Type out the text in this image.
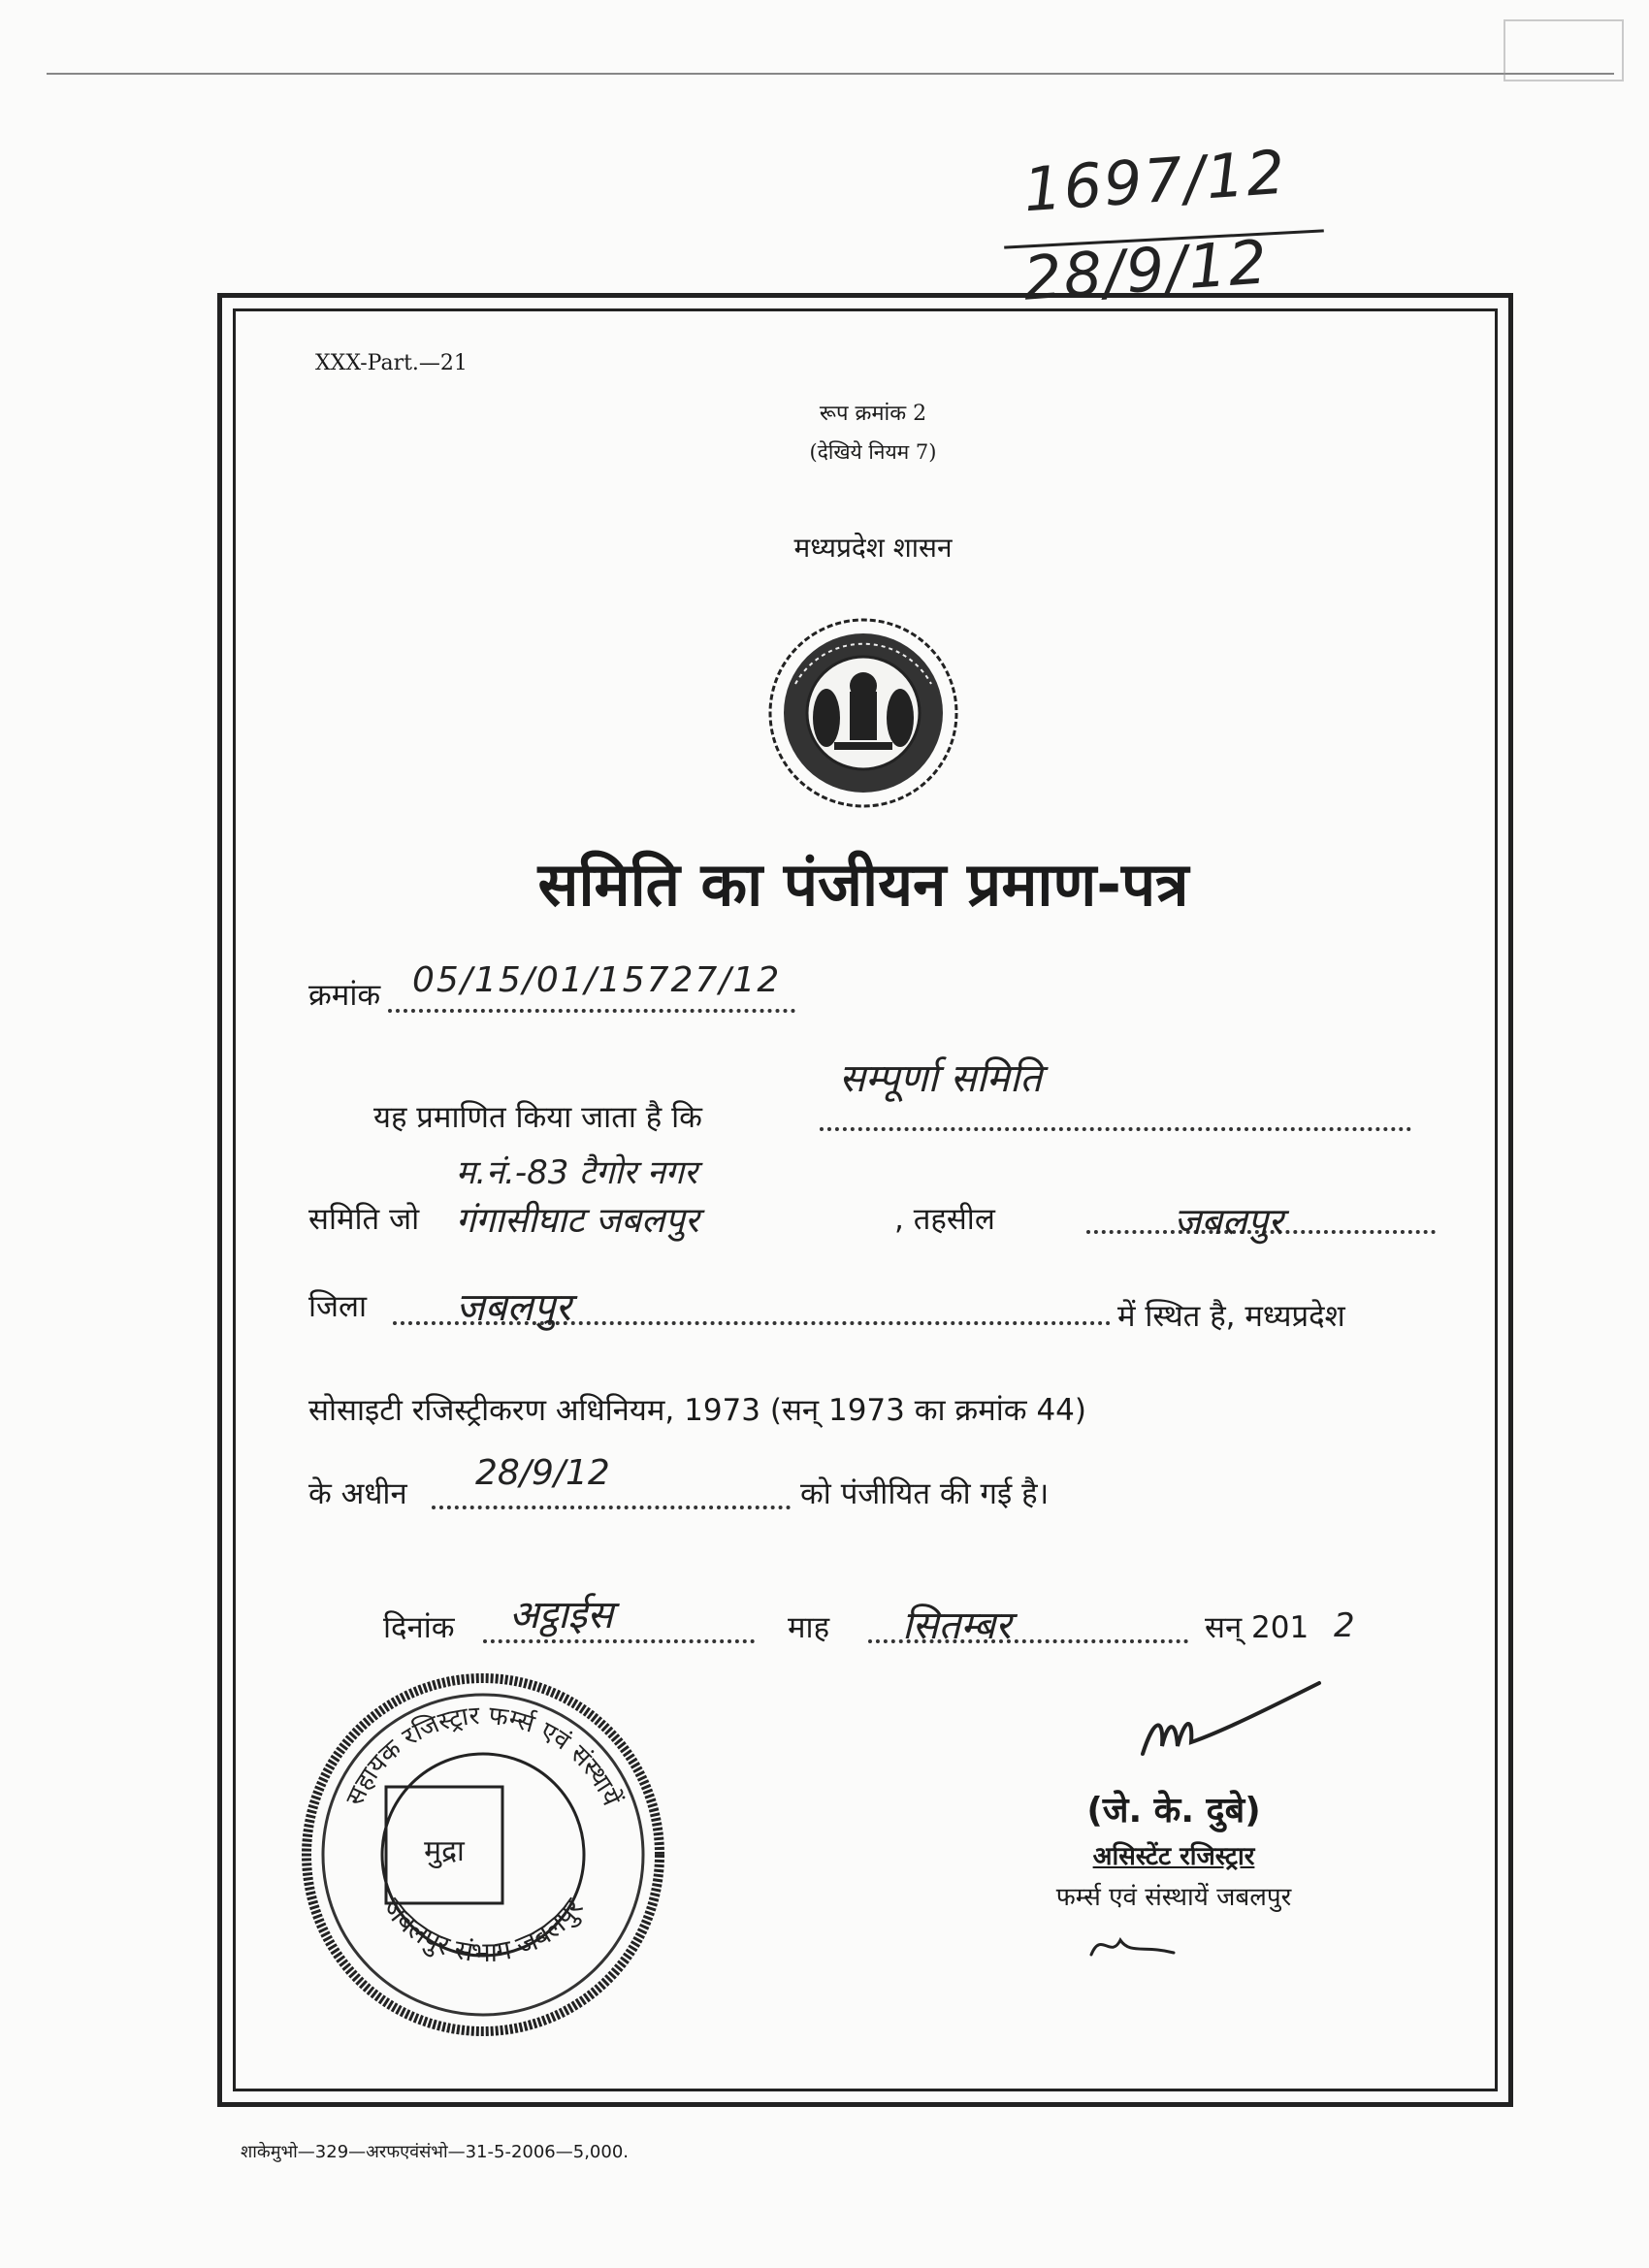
1697/12
28/9/12
XXX-Part.—21
रूप क्रमांक 2
(देखिये नियम 7)
मध्यप्रदेश शासन
समिति का पंजीयन प्रमाण-पत्र
क्रमांक 05/15/01/15727/12
सम्पूर्णा समिति
यह प्रमाणित किया जाता है कि
म.नं.-83 टैगोर नगर
समिति जो गंगासीघाट जबलपुर	, तहसील	जबलपुर
जिला जबलपुर	में स्थित है, मध्यप्रदेश
सोसाइटी रजिस्ट्रीकरण अधिनियम, 1973 (सन् 1973 का क्रमांक 44)
के अधीन
28/9/12
को पंजीयित की गई है।
दिनांक अट्ठाईस	माह सितम्बर	सन् 201 2
मुद्रा
सहायक रजिस्ट्रार फर्म्स एवं संस्थायें
जबलपुर संभाग जबलपुर
(जे. के. दुबे)
असिस्टेंट रजिस्ट्रार
फर्म्स एवं संस्थायें जबलपुर
शाकेमुभो—329—अरफएवंसंभो—31-5-2006—5,000.
